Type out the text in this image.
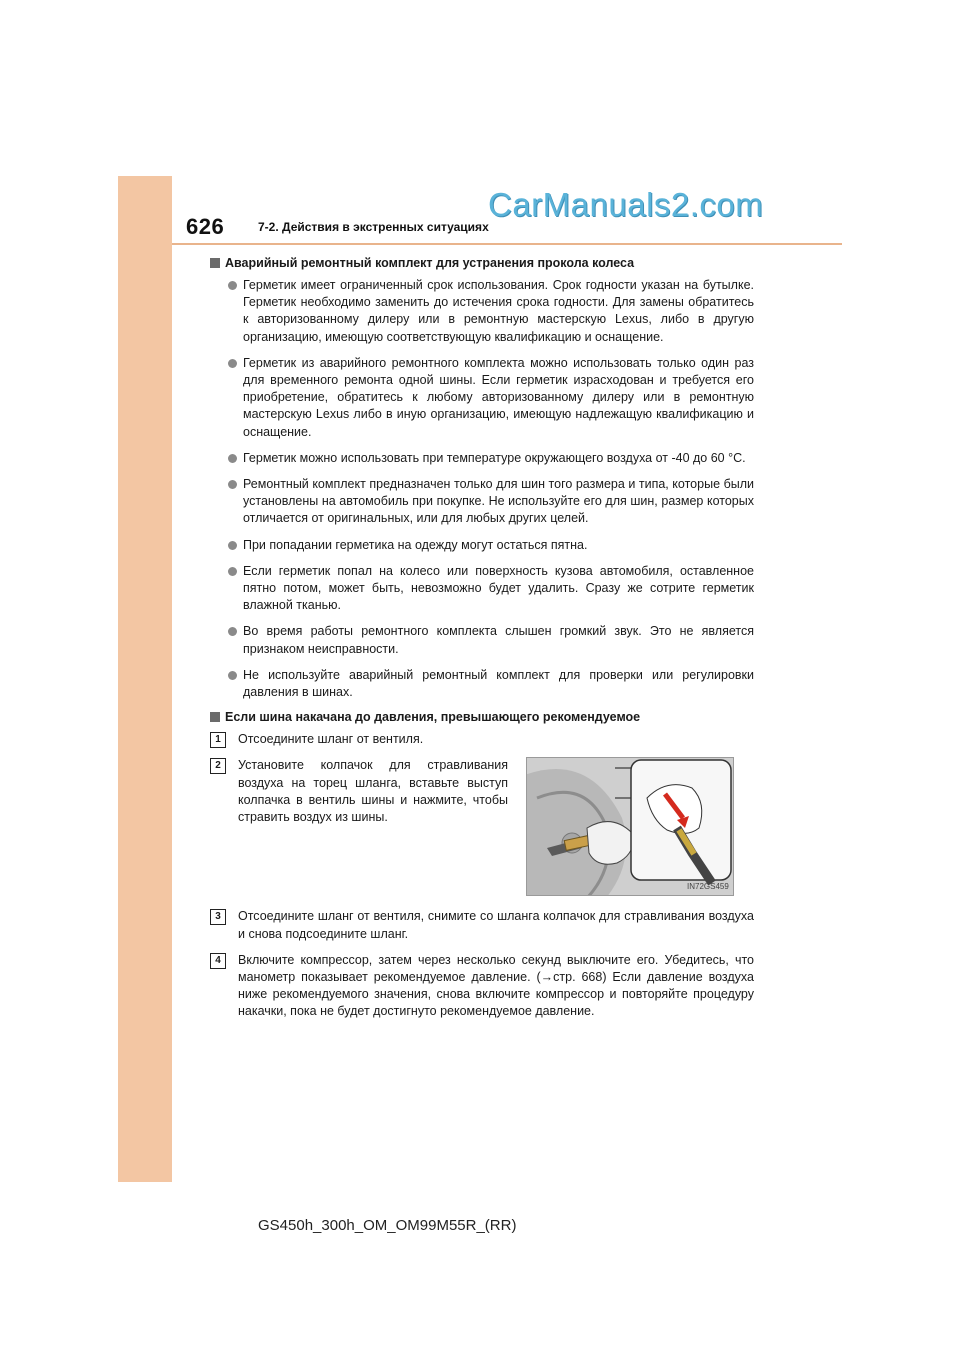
626
CarManuals2.com
7-2. Действия в экстренных ситуациях
Аварийный ремонтный комплект для устранения прокола колеса
Герметик имеет ограниченный срок использования. Срок годности указан на бутылке. Герметик необходимо заменить до истечения срока годности. Для замены обратитесь к авторизованному дилеру или в ремонтную мастерскую Lexus, либо в другую организацию, имеющую соответствующую квалификацию и оснащение.
Герметик из аварийного ремонтного комплекта можно использовать только один раз для временного ремонта одной шины. Если герметик израсходован и требуется его приобретение, обратитесь к любому авторизованному дилеру или в ремонтную мастерскую Lexus либо в иную организацию, имеющую надлежащую квалификацию и оснащение.
Герметик можно использовать при температуре окружающего воздуха от -40 до 60 °C.
Ремонтный комплект предназначен только для шин того размера и типа, которые были установлены на автомобиль при покупке. Не используйте его для шин, размер которых отличается от оригинальных, или для любых других целей.
При попадании герметика на одежду могут остаться пятна.
Если герметик попал на колесо или поверхность кузова автомобиля, оставленное пятно потом, может быть, невозможно будет удалить. Сразу же сотрите герметик влажной тканью.
Во время работы ремонтного комплекта слышен громкий звук. Это не является признаком неисправности.
Не используйте аварийный ремонтный комплект для проверки или регулировки давления в шинах.
Если шина накачана до давления, превышающего рекомендуемое
1	Отсоедините шланг от вентиля.
2	Установите колпачок для стравливания воздуха на торец шланга, вставьте выступ колпачка в вентиль шины и нажмите, чтобы стравить воздух из шины.
IN72GS459
3	Отсоедините шланг от вентиля, снимите со шланга колпачок для стравливания воздуха и снова подсоедините шланг.
4	Включите компрессор, затем через несколько секунд выключите его. Убедитесь, что манометр показывает рекомендуемое давление. (→стр. 668) Если давление воздуха ниже рекомендуемого значения, снова включите компрессор и повторяйте процедуру накачки, пока не будет достигнуто рекомендуемое давление.
GS450h_300h_OM_OM99M55R_(RR)
